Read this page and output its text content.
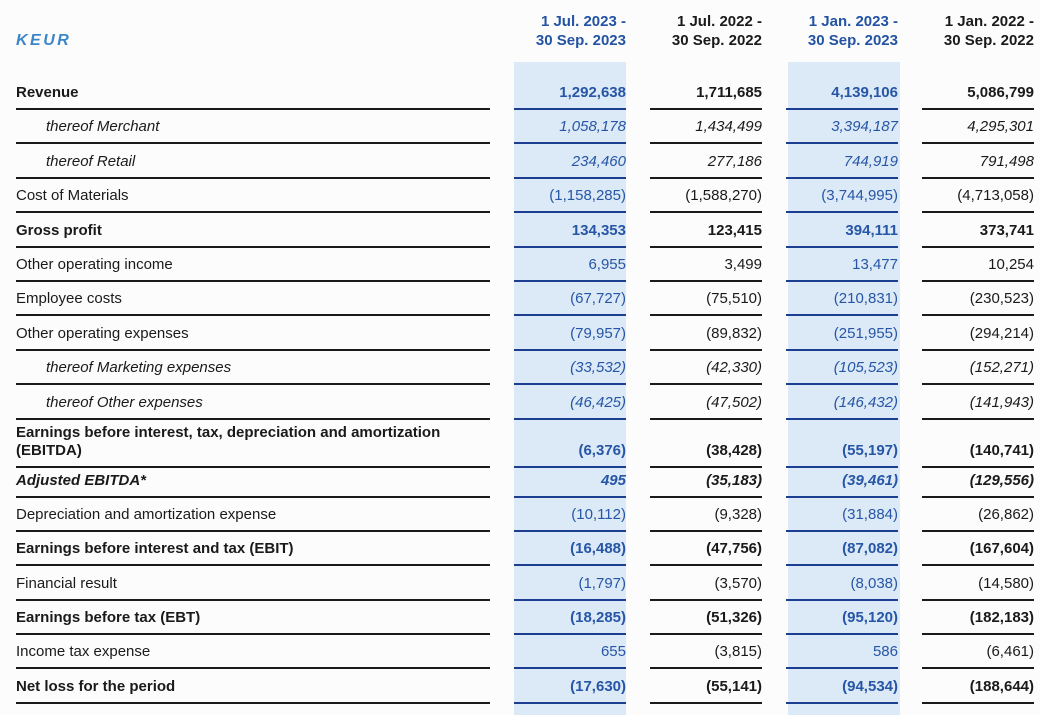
KEUR
1 Jul. 2023 -
30 Sep. 2023
1 Jul. 2022 -
30 Sep. 2022
1 Jan. 2023 -
30 Sep. 2023
1 Jan. 2022 -
30 Sep. 2022
Revenue	1,292,638	1,711,685	4,139,106	5,086,799
thereof Merchant	1,058,178	1,434,499	3,394,187	4,295,301
thereof Retail	234,460	277,186	744,919	791,498
Cost of Materials	(1,158,285)	(1,588,270)	(3,744,995)	(4,713,058)
Gross profit	134,353	123,415	394,111	373,741
Other operating income	6,955	3,499	13,477	10,254
Employee costs	(67,727)	(75,510)	(210,831)	(230,523)
Other operating expenses	(79,957)	(89,832)	(251,955)	(294,214)
thereof Marketing expenses	(33,532)	(42,330)	(105,523)	(152,271)
thereof Other expenses	(46,425)	(47,502)	(146,432)	(141,943)
Earnings before interest, tax, depreciation and amortization (EBITDA)	(6,376)	(38,428)	(55,197)	(140,741)
Adjusted EBITDA*	495	(35,183)	(39,461)	(129,556)
Depreciation and amortization expense	(10,112)	(9,328)	(31,884)	(26,862)
Earnings before interest and tax (EBIT)	(16,488)	(47,756)	(87,082)	(167,604)
Financial result	(1,797)	(3,570)	(8,038)	(14,580)
Earnings before tax (EBT)	(18,285)	(51,326)	(95,120)	(182,183)
Income tax expense	655	(3,815)	586	(6,461)
Net loss for the period	(17,630)	(55,141)	(94,534)	(188,644)
